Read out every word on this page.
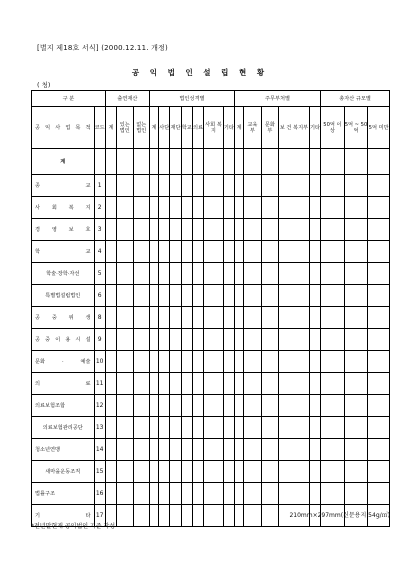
[별지 제18호 서식] (2000.12.11. 개정)
공 익 법 인 설 립 현 황
( 청)
구 분		출연재산			법인성격별							주무부처별					총자산 규모별		
공 익 사 업 목 적	코드	계	있는 법인	없는 법인	계	사단	재단	학교	의료	사회 복지	기타	계	교육 부	문화 부	보 건 복지부	기타	50억 이상	5억 ~ 50억	5억 미만
계																			
종 교	1																		
사 회 복 지	2																		
경 영 보 호	3																		
학 교	4																		
학술·장학·자선	5																		
특별법설립법인	6																		
공 중 위 생	8																		
공 중 이 용 시 설	9																		
문화 · 예술	10																		
의 료	11																		
의료보험조합	12																		
의료보험관리공단	13																		
청소년연맹	14																		
새마을운동조직	15																		
법률구조	16																		
기 타	17																			210mm×297mm(신문용지 54g/㎡)
*전년말현재 공익법인 기준 작성
